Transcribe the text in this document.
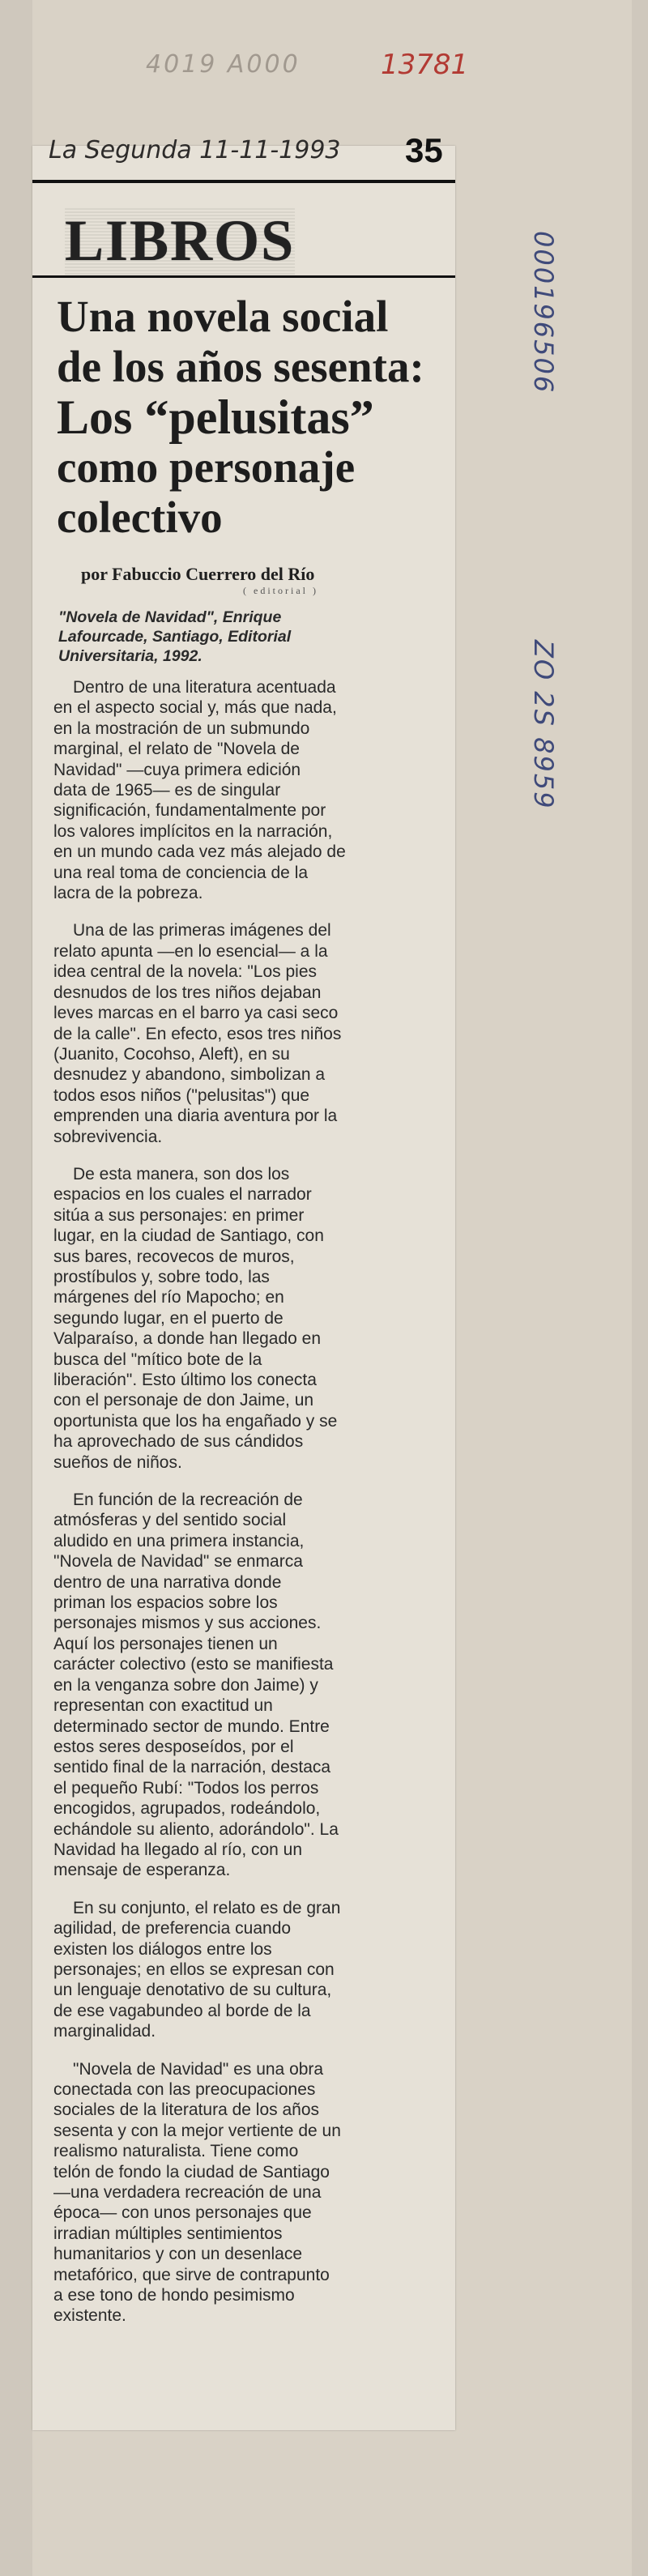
4019 A000	13781
000196506
ZO 2S 8959
La Segunda 11-11-1993 35
LIBROS
Una novela social
de los años sesenta:
Los “pelusitas”
como personaje
colectivo
por Fabuccio Cuerrero del Río
( editorial )
"Novela de Navidad", Enrique
Lafourcade, Santiago, Editorial
Universitaria, 1992.

Dentro de una literatura acentuada
en el aspecto social y, más que nada,
en la mostración de un submundo
marginal, el relato de "Novela de
Navidad" —cuya primera edición
data de 1965— es de singular
significación, fundamentalmente por
los valores implícitos en la narración,
en un mundo cada vez más alejado de
una real toma de conciencia de la
lacra de la pobreza.

Una de las primeras imágenes del
relato apunta —en lo esencial— a la
idea central de la novela: "Los pies
desnudos de los tres niños dejaban
leves marcas en el barro ya casi seco
de la calle". En efecto, esos tres niños
(Juanito, Cocohso, Aleft), en su
desnudez y abandono, simbolizan a
todos esos niños ("pelusitas") que
emprenden una diaria aventura por la
sobrevivencia.

De esta manera, son dos los
espacios en los cuales el narrador
sitúa a sus personajes: en primer
lugar, en la ciudad de Santiago, con
sus bares, recovecos de muros,
prostíbulos y, sobre todo, las
márgenes del río Mapocho; en
segundo lugar, en el puerto de
Valparaíso, a donde han llegado en
busca del "mítico bote de la
liberación". Esto último los conecta
con el personaje de don Jaime, un
oportunista que los ha engañado y se
ha aprovechado de sus cándidos
sueños de niños.

En función de la recreación de
atmósferas y del sentido social
aludido en una primera instancia,
"Novela de Navidad" se enmarca
dentro de una narrativa donde
priman los espacios sobre los
personajes mismos y sus acciones.
Aquí los personajes tienen un
carácter colectivo (esto se manifiesta
en la venganza sobre don Jaime) y
representan con exactitud un
determinado sector de mundo. Entre
estos seres desposeídos, por el
sentido final de la narración, destaca
el pequeño Rubí: "Todos los perros
encogidos, agrupados, rodeándolo,
echándole su aliento, adorándolo". La
Navidad ha llegado al río, con un
mensaje de esperanza.

En su conjunto, el relato es de gran
agilidad, de preferencia cuando
existen los diálogos entre los
personajes; en ellos se expresan con
un lenguaje denotativo de su cultura,
de ese vagabundeo al borde de la
marginalidad.

"Novela de Navidad" es una obra
conectada con las preocupaciones
sociales de la literatura de los años
sesenta y con la mejor vertiente de un
realismo naturalista. Tiene como
telón de fondo la ciudad de Santiago
—una verdadera recreación de una
época— con unos personajes que
irradian múltiples sentimientos
humanitarios y con un desenlace
metafórico, que sirve de contrapunto
a ese tono de hondo pesimismo
existente.
